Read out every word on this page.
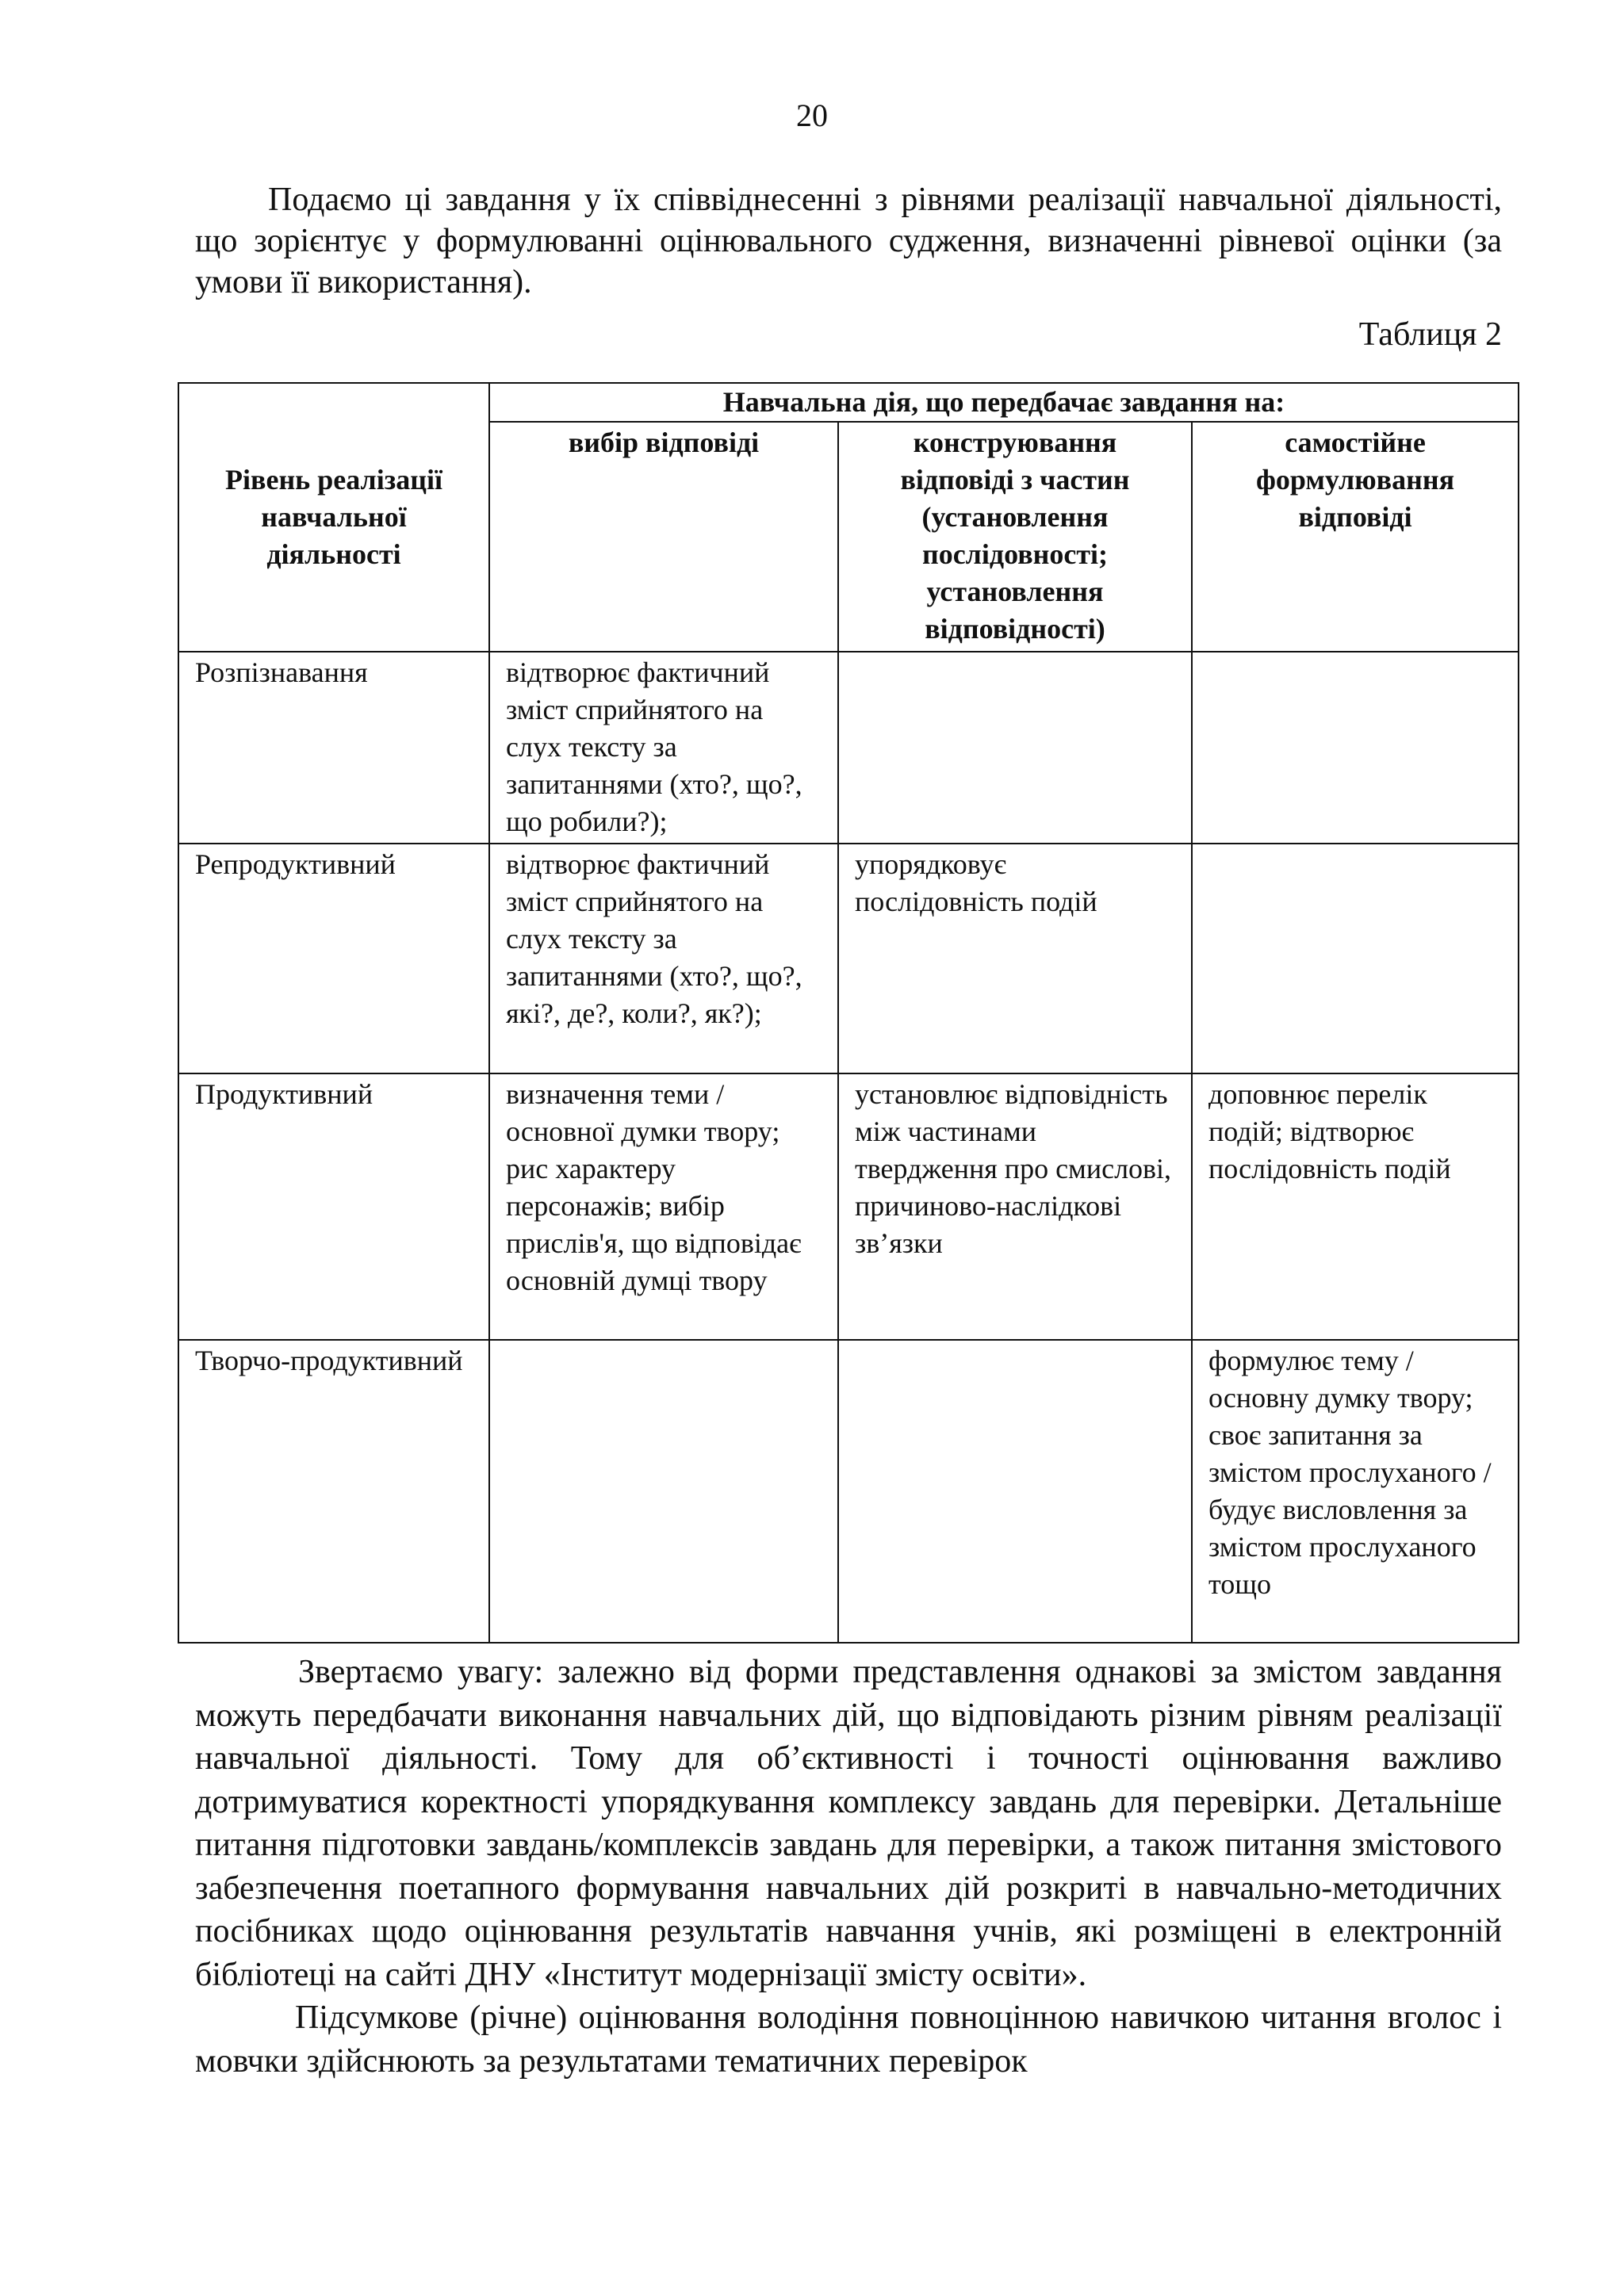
20

Подаємо ці завдання у їх співвіднесенні з рівнями реалізації навчальної діяльності, що зорієнтує у формулюванні оцінювального судження, визначенні рівневої оцінки (за умови її використання).

Таблиця 2
Рівень реалізації навчальної діяльності	Навчальна дія, що передбачає завдання на:		
	вибір відповіді	конструювання відповіді з частин (установлення послідовності; установлення відповідності)	самостійне формулювання відповіді
Розпізнавання	відтворює фактичний зміст сприйнятого на слух тексту за запитаннями (хто?, що?, що робили?);		
Репродуктивний	відтворює фактичний зміст сприйнятого на слух тексту за запитаннями (хто?, що?, які?, де?, коли?, як?);	упорядковує послідовність подій	
Продуктивний	визначення теми / основної думки твору; рис характеру персонажів; вибір прислів'я, що відповідає основній думці твору	установлює відповідність між частинами твердження про смислові, причиново-наслідкові зв’язки	доповнює перелік подій; відтворює послідовність подій
Творчо-продуктивний			формулює тему / основну думку твору; своє запитання за змістом прослуханого / будує висловлення за змістом прослуханого тощо

Звертаємо увагу: залежно від форми представлення однакові за змістом завдання можуть передбачати виконання навчальних дій, що відповідають різним рівням реалізації навчальної діяльності. Тому для об’єктивності і точності оцінювання важливо дотримуватися коректності упорядкування комплексу завдань для перевірки. Детальніше питання підготовки завдань/комплексів завдань для перевірки, а також питання змістового забезпечення поетапного формування навчальних дій розкриті в навчально-методичних посібниках щодо оцінювання результатів навчання учнів, які розміщені в електронній бібліотеці на сайті ДНУ «Інститут модернізації змісту освіти».

Підсумкове (річне) оцінювання володіння повноцінною навичкою читання вголос і мовчки здійснюють за результатами тематичних перевірок
